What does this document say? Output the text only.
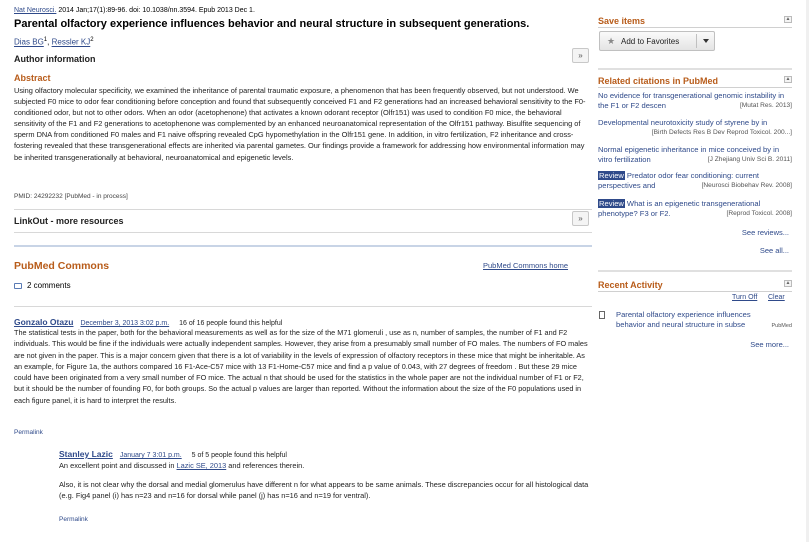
Nat Neurosci. 2014 Jan;17(1):89-96. doi: 10.1038/nn.3594. Epub 2013 Dec 1.
Parental olfactory experience influences behavior and neural structure in subsequent generations.
Dias $BG^1$, Ressler $KJ^2$
Author information	»
Abstract
Using olfactory molecular specificity, we examined the inheritance of parental traumatic exposure, a phenomenon that has been frequently observed, but not understood. We subjected F0 mice to odor fear conditioning before conception and found that subsequently conceived F1 and F2 generations had an increased behavioral sensitivity to the F0-conditioned odor, but not to other odors. When an odor (acetophenone) that activates a known odorant receptor (Olfr151) was used to condition F0 mice, the behavioral sensitivity of the F1 and F2 generations to acetophenone was complemented by an enhanced neuroanatomical representation of the Olfr151 pathway. Bisulfite sequencing of sperm DNA from conditioned F0 males and F1 naive offspring revealed CpG hypomethylation in the Olfr151 gene. In addition, in vitro fertilization, F2 inheritance and cross-fostering revealed that these transgenerational effects are inherited via parental gametes. Our findings provide a framework for addressing how environmental information may be inherited transgenerationally at behavioral, neuroanatomical and epigenetic levels.
PMID: 24292232 [PubMed - in process]
LinkOut - more resources	»
PubMed Commons	PubMed Commons home
2 comments
Gonzalo Otazu December 3, 2013 3:02 p.m. 16 of 16 people found this helpful
The statistical tests in the paper, both for the behavioral measurements as well as for the size of the M71 glomeruli , use as n, number of samples, the number of F1 and F2 individuals. This would be fine if the individuals were actually independent samples. However, they arise from a presumably small number of FO males. The numbers of FO males are not given in the paper. This is a major concern given that there is a lot of variability in the levels of expression of olfactory receptors in these mice that might be inheritable. As an example, for Figure 1a, the authors compared 16 F1-Ace-C57 mice with 13 F1-Home-C57 mice and find a p value of 0.043, with 27 degrees of freedom . But these 29 mice could have been originated from a very small number of FO mice. The actual n that should be used for the statistics in the whole paper are not the individual number of F1 or F2, but it should be the number of founding F0, for both groups. So the actual p values are larger than reported. Without the information about the size of the F0 populations used in each figure panel, it is hard to interpret the results.
Permalink
Stanley Lazic January 7 3:01 p.m. 5 of 5 people found this helpful
An excellent point and discussed in Lazic SE, 2013 and references therein.
Also, it is not clear why the dorsal and medial glomerulus have different n for what appears to be same animals. These discrepancies occur for all histological data (e.g. Fig4 panel (i) has n=23 and n=16 for dorsal while panel (j) has n=16 and n=19 for ventral).
Permalink
Save items	▲
★ Add to Favorites
Related citations in PubMed	▲
No evidence for transgenerational genomic instability in the F1 or F2 descen	[Mutat Res. 2013]
Developmental neurotoxicity study of styrene by in
[Birth Defects Res B Dev Reprod Toxicol. 200...]
Normal epigenetic inheritance in mice conceived by in vitro fertilization	[J Zhejiang Univ Sci B. 2011]
Review Predator odor fear conditioning: current perspectives and	[Neurosci Biobehav Rev. 2008]
Review What is an epigenetic transgenerational phenotype? F3 or F2.	[Reprod Toxicol. 2008]
See reviews...
See all...
Recent Activity	▲
Turn Off Clear
Parental olfactory experience influences behavior and neural structure in subse	PubMed
See more...
